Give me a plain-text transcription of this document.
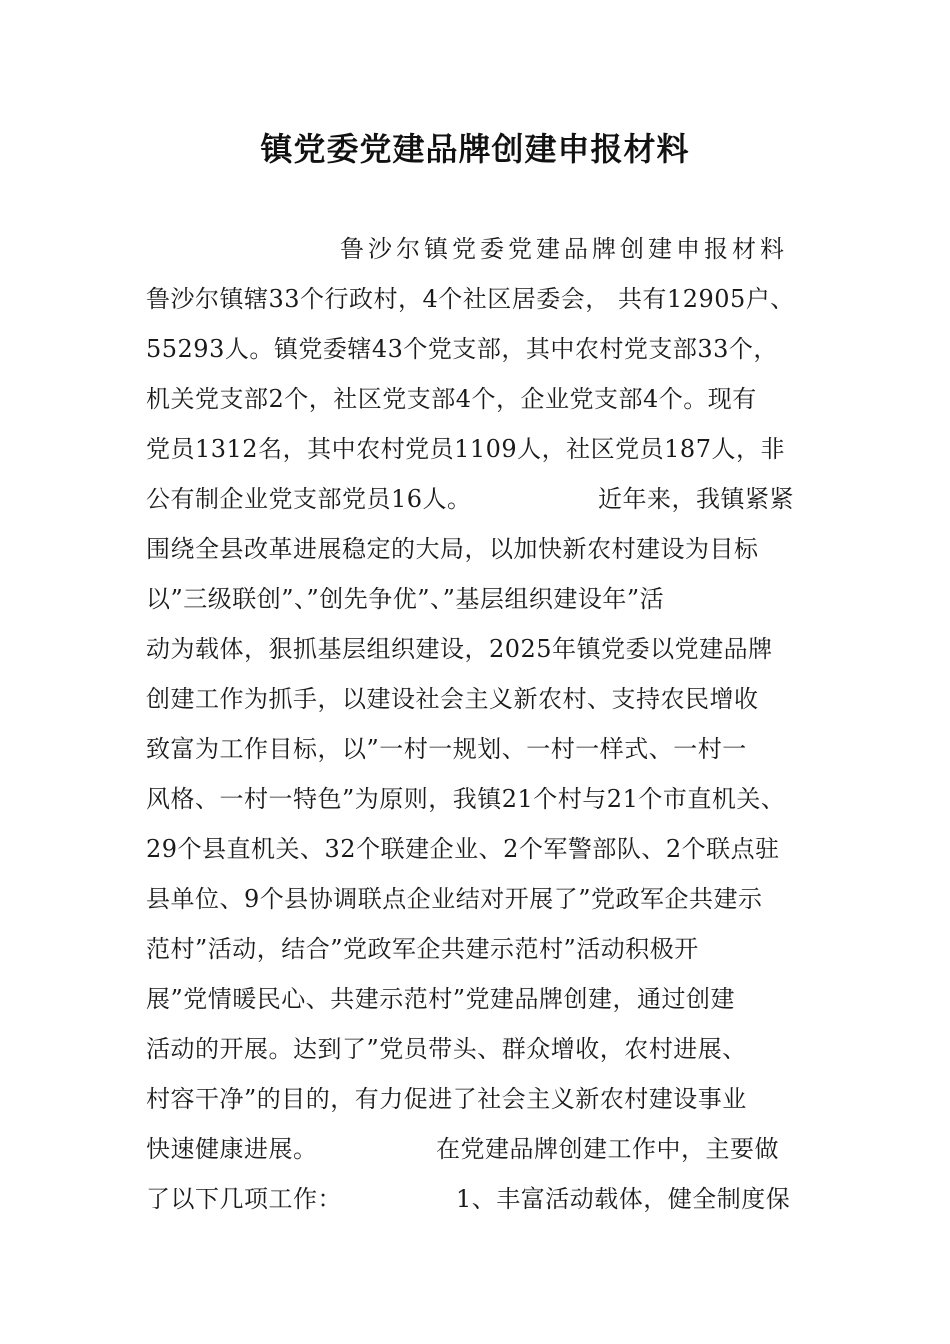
镇党委党建品牌创建申报材料
鲁沙尔镇党委党建品牌创建申报材料
鲁沙尔镇辖33个行政村，4个社区居委会， 共有12905户、
55293人。镇党委辖43个党支部，其中农村党支部33个，
机关党支部2个，社区党支部4个，企业党支部4个。现有
党员1312名，其中农村党员1109人，社区党员187人，非
公有制企业党支部党员16人。	近年来，我镇紧紧
围绕全县改革进展稳定的大局，以加快新农村建设为目标
以”三级联创”、”创先争优”、”基层组织建设年”活
动为载体，狠抓基层组织建设，2025年镇党委以党建品牌
创建工作为抓手，以建设社会主义新农村、支持农民增收
致富为工作目标，以”一村一规划、一村一样式、一村一
风格、一村一特色”为原则，我镇21个村与21个市直机关、
29个县直机关、32个联建企业、2个军警部队、2个联点驻
县单位、9个县协调联点企业结对开展了”党政军企共建示
范村”活动，结合”党政军企共建示范村”活动积极开
展”党情暖民心、共建示范村”党建品牌创建，通过创建
活动的开展。达到了”党员带头、群众增收，农村进展、
村容干净”的目的，有力促进了社会主义新农村建设事业
快速健康进展。	在党建品牌创建工作中，主要做
了以下几项工作：	1、丰富活动载体，健全制度保
